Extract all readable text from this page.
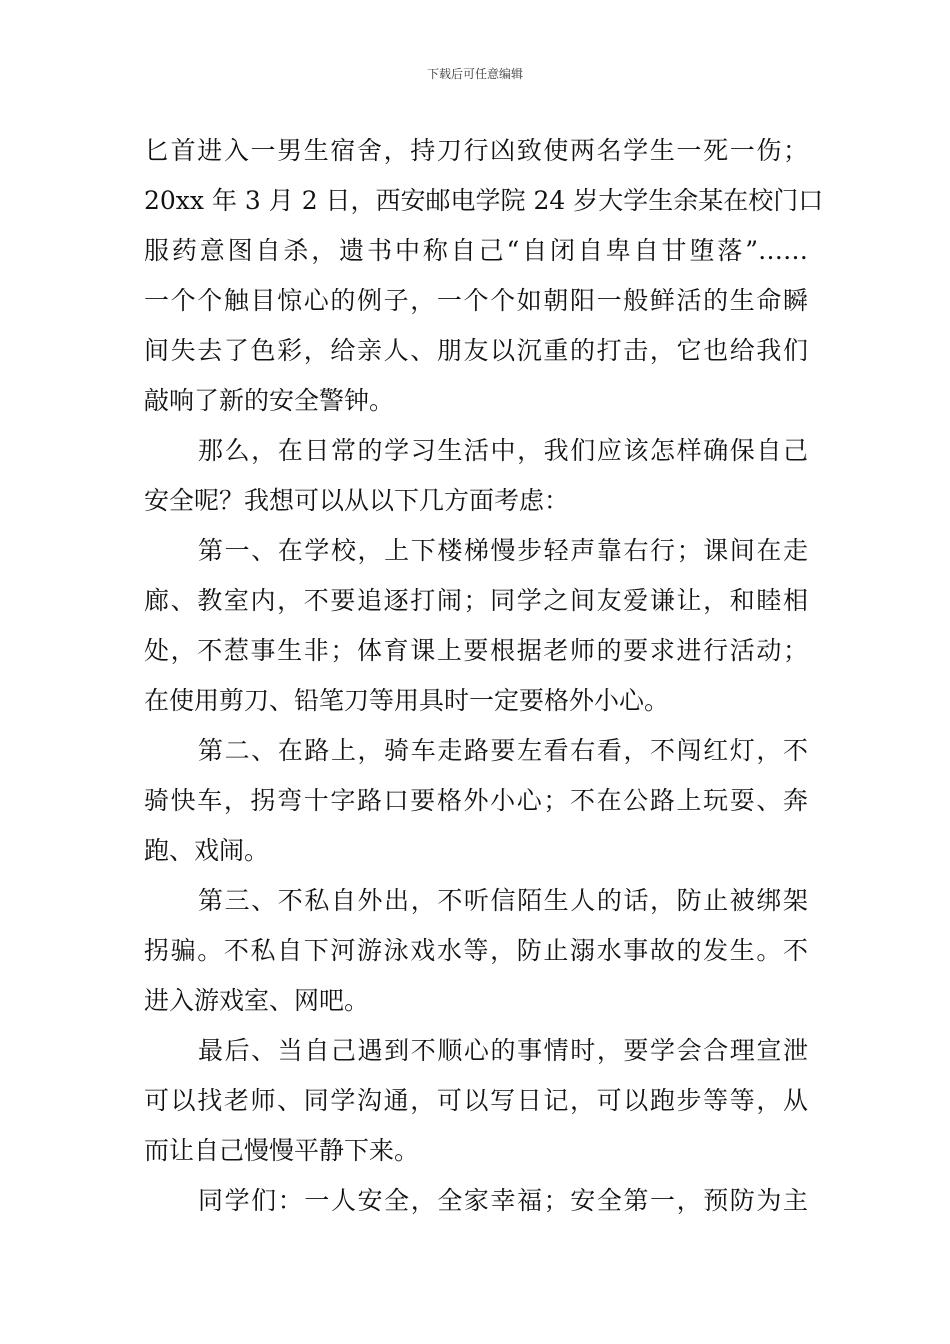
下载后可任意编辑
匕首进入一男生宿舍，持刀行凶致使两名学生一死一伤；
20xx 年 3 月 2 日，西安邮电学院 24 岁大学生余某在校门口
服药意图自杀，遗书中称自己“自闭自卑自甘堕落”……
一个个触目惊心的例子，一个个如朝阳一般鲜活的生命瞬
间失去了色彩，给亲人、朋友以沉重的打击，它也给我们
敲响了新的安全警钟。
那么，在日常的学习生活中，我们应该怎样确保自己
安全呢？我想可以从以下几方面考虑：
第一、在学校，上下楼梯慢步轻声靠右行；课间在走
廊、教室内，不要追逐打闹；同学之间友爱谦让，和睦相
处，不惹事生非；体育课上要根据老师的要求进行活动；
在使用剪刀、铅笔刀等用具时一定要格外小心。
第二、在路上，骑车走路要左看右看，不闯红灯，不
骑快车，拐弯十字路口要格外小心；不在公路上玩耍、奔
跑、戏闹。
第三、不私自外出，不听信陌生人的话，防止被绑架
拐骗。不私自下河游泳戏水等，防止溺水事故的发生。不
进入游戏室、网吧。
最后、当自己遇到不顺心的事情时，要学会合理宣泄
可以找老师、同学沟通，可以写日记，可以跑步等等，从
而让自己慢慢平静下来。
同学们：一人安全，全家幸福；安全第一，预防为主
